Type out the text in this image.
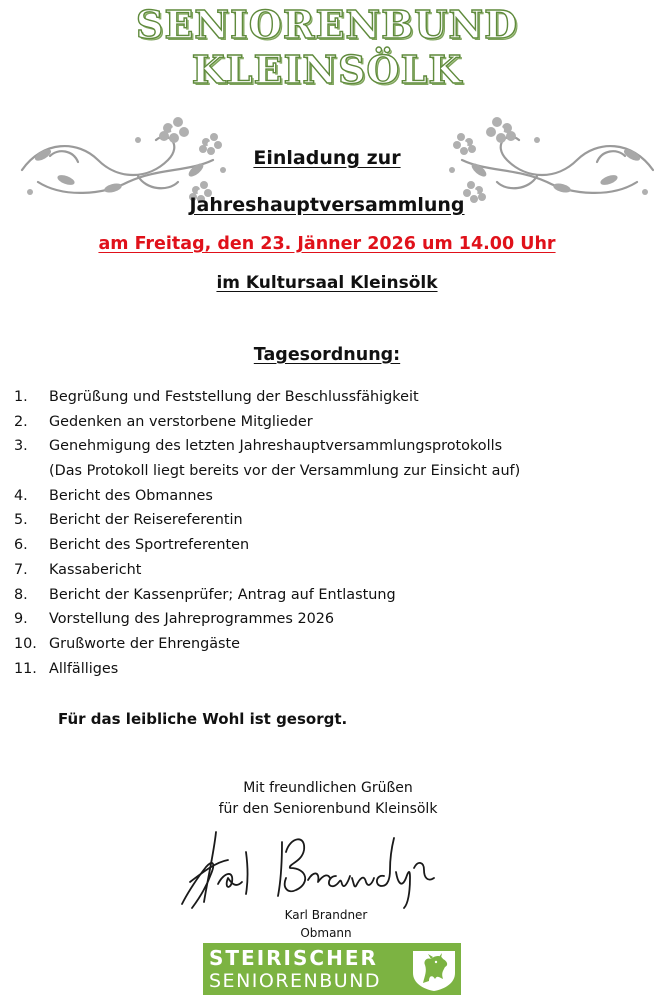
SENIORENBUND KLEINSÖLK
Einladung zur
Jahreshauptversammlung
am Freitag, den 23. Jänner 2026 um 14.00 Uhr
im Kultursaal Kleinsölk
Tagesordnung:
1. Begrüßung und Feststellung der Beschlussfähigkeit
2. Gedenken an verstorbene Mitglieder
3. Genehmigung des letzten Jahreshauptversammlungsprotokolls
(Das Protokoll liegt bereits vor der Versammlung zur Einsicht auf)
4. Bericht des Obmannes
5. Bericht der Reisereferentin
6. Bericht des Sportreferenten
7. Kassabericht
8. Bericht der Kassenprüfer; Antrag auf Entlastung
9. Vorstellung des Jahreprogrammes 2026
10. Grußworte der Ehrengäste
11. Allfälliges
Für das leibliche Wohl ist gesorgt.
Mit freundlichen Grüßen
für den Seniorenbund Kleinsölk
Karl Brandner
Obmann
STEIRISCHER
SENIORENBUND
